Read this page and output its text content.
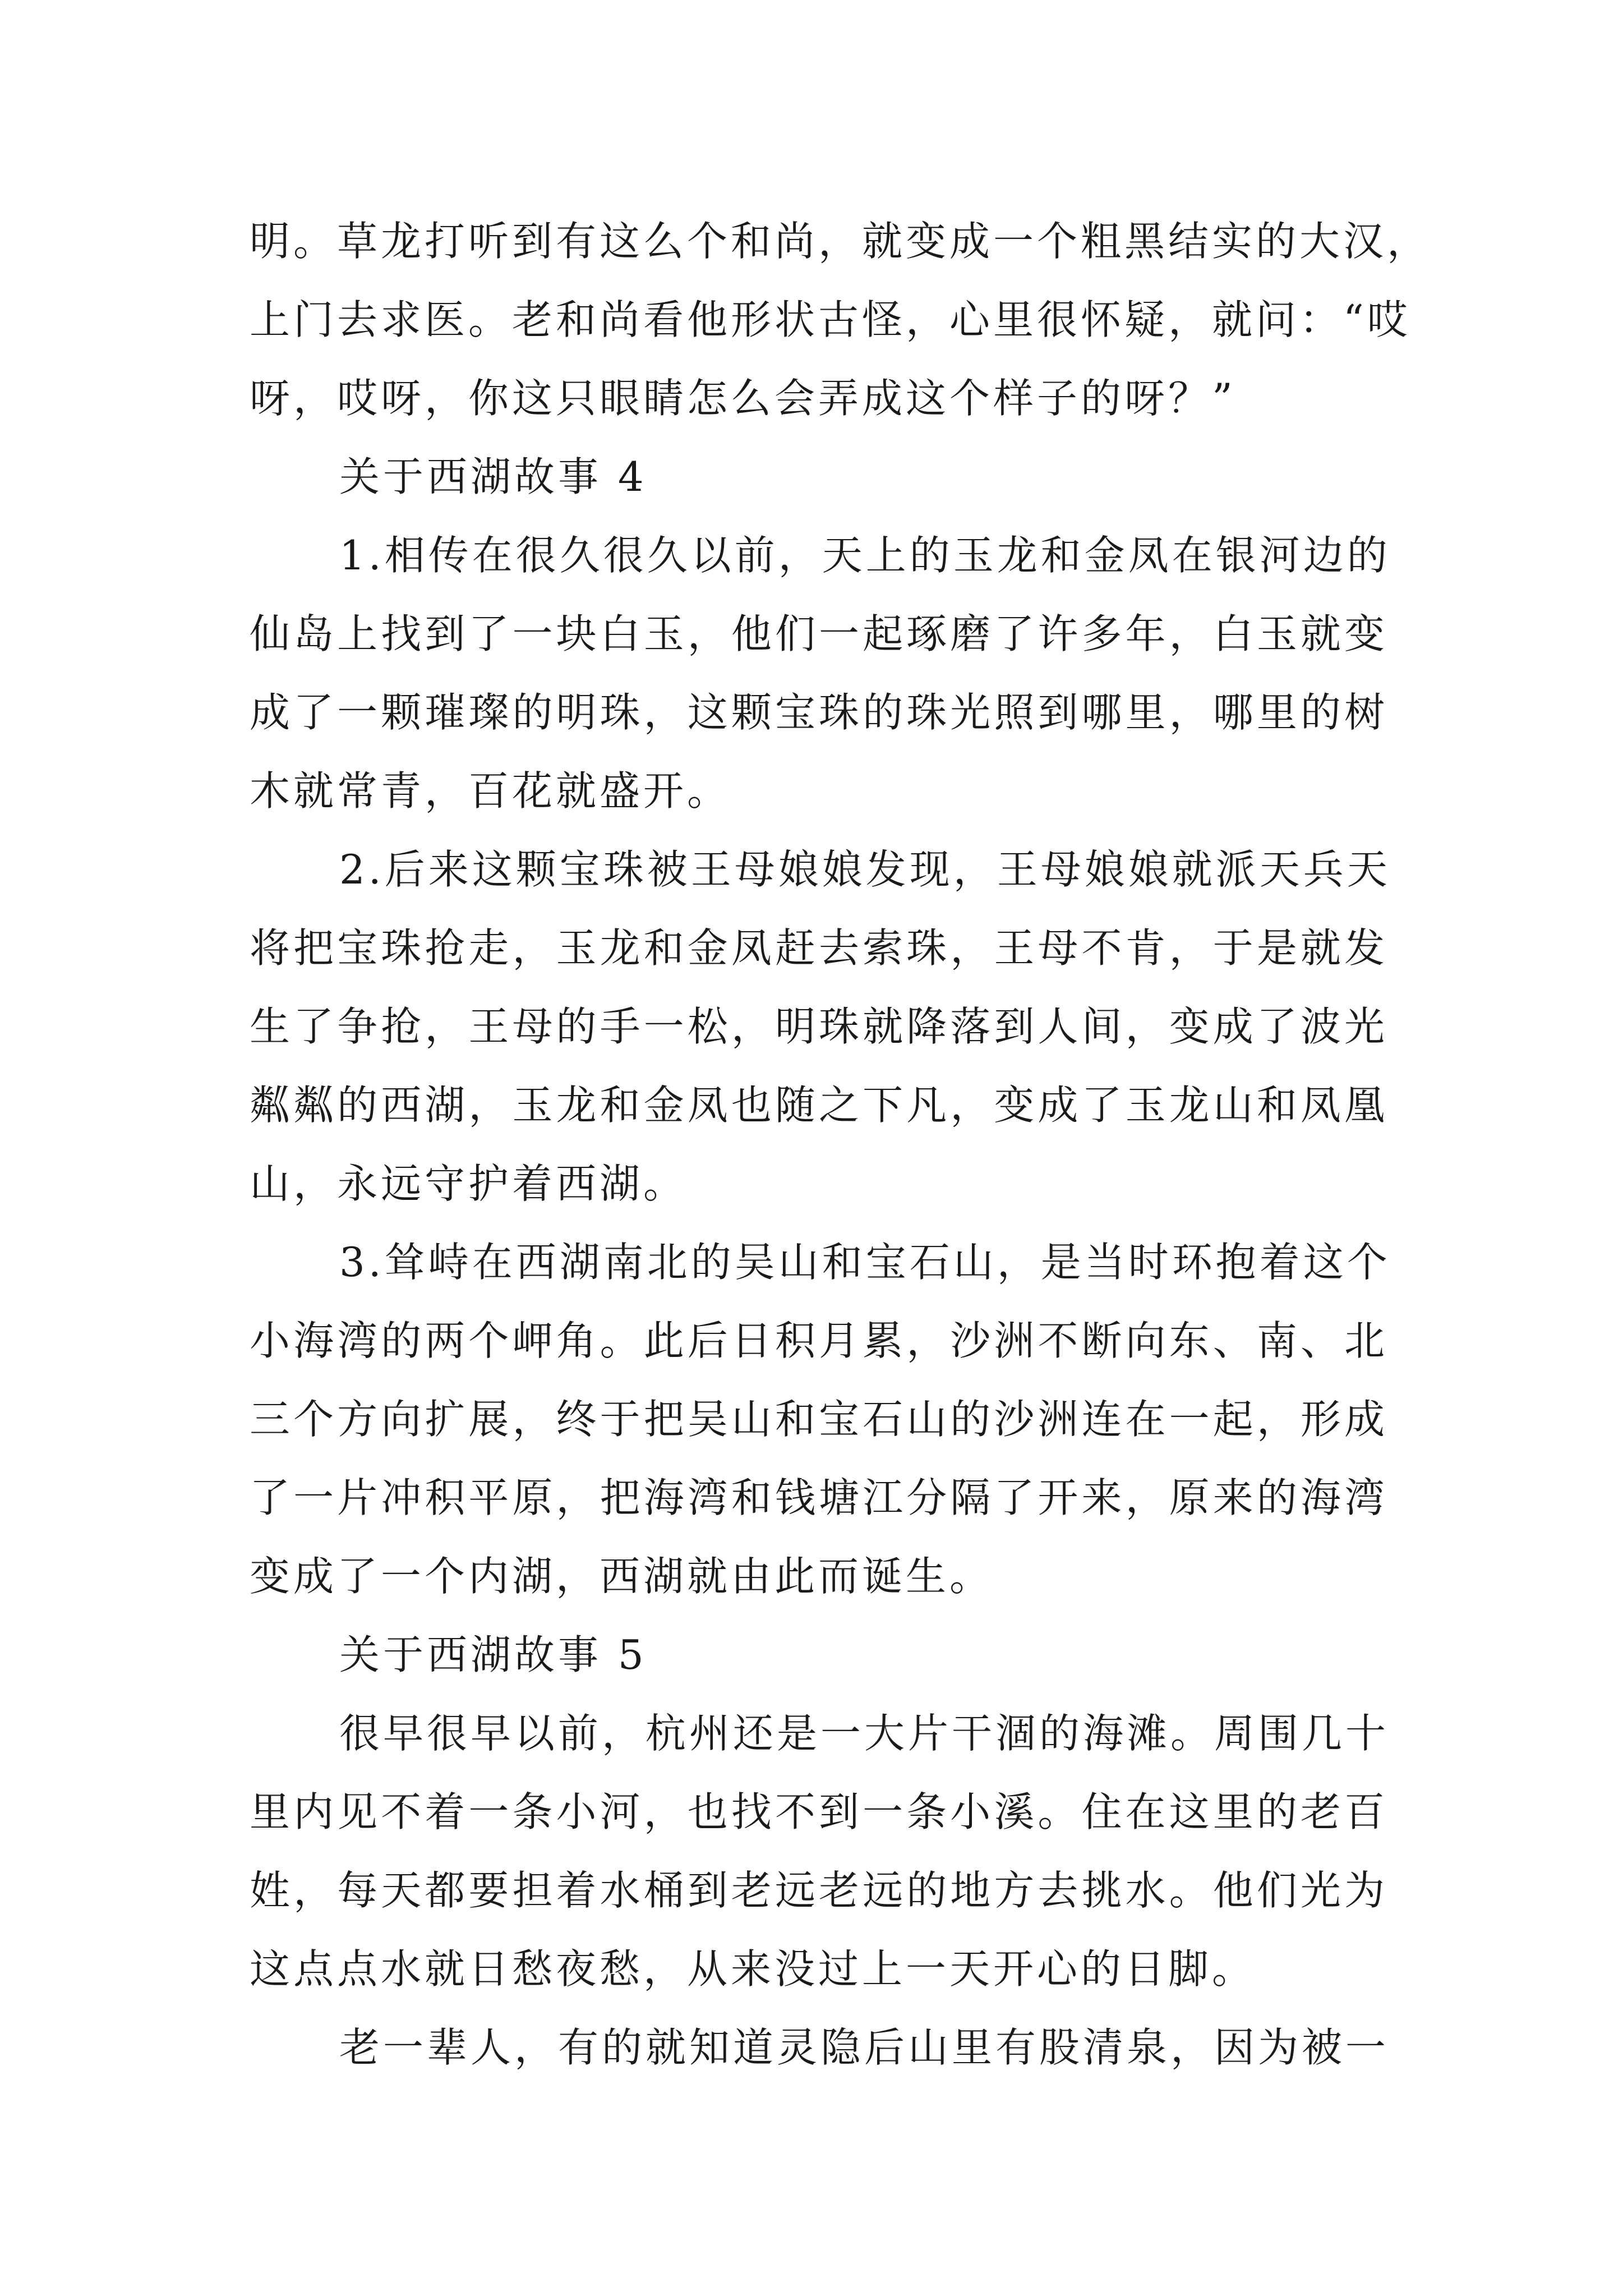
明。草龙打听到有这么个和尚，就变成一个粗黑结实的大汉，
上门去求医。老和尚看他形状古怪，心里很怀疑，就问：“哎
呀，哎呀，你这只眼睛怎么会弄成这个样子的呀？”
关于西湖故事 4
1.相传在很久很久以前，天上的玉龙和金凤在银河边的
仙岛上找到了一块白玉，他们一起琢磨了许多年，白玉就变
成了一颗璀璨的明珠，这颗宝珠的珠光照到哪里，哪里的树
木就常青，百花就盛开。
2.后来这颗宝珠被王母娘娘发现，王母娘娘就派天兵天
将把宝珠抢走，玉龙和金凤赶去索珠，王母不肯，于是就发
生了争抢，王母的手一松，明珠就降落到人间，变成了波光
粼粼的西湖，玉龙和金凤也随之下凡，变成了玉龙山和凤凰
山，永远守护着西湖。
3.耸峙在西湖南北的吴山和宝石山，是当时环抱着这个
小海湾的两个岬角。此后日积月累，沙洲不断向东、南、北
三个方向扩展，终于把吴山和宝石山的沙洲连在一起，形成
了一片冲积平原，把海湾和钱塘江分隔了开来，原来的海湾
变成了一个内湖，西湖就由此而诞生。
关于西湖故事 5
很早很早以前，杭州还是一大片干涸的海滩。周围几十
里内见不着一条小河，也找不到一条小溪。住在这里的老百
姓，每天都要担着水桶到老远老远的地方去挑水。他们光为
这点点水就日愁夜愁，从来没过上一天开心的日脚。
老一辈人，有的就知道灵隐后山里有股清泉，因为被一
